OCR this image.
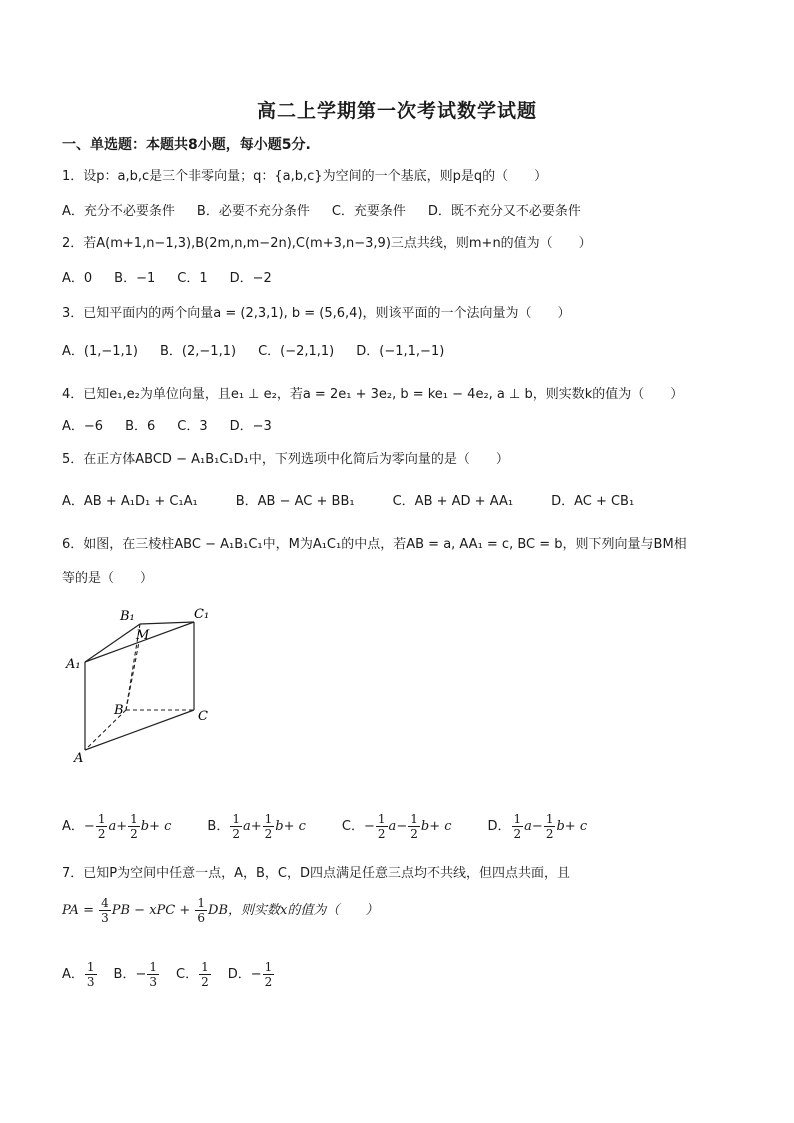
高二上学期第一次考试数学试题
一、单选题：本题共8小题，每小题5分.
1．设p：a,b,c是三个非零向量；q：{a,b,c}为空间的一个基底，则p是q的（　　）
A．充分不必要条件 B．必要不充分条件 C．充要条件 D．既不充分又不必要条件
2．若A(m+1,n−1,3),B(2m,n,m−2n),C(m+3,n−3,9)三点共线，则m+n的值为（　　）
A．0 B．−1 C．1 D．−2
3．已知平面内的两个向量a = (2,3,1), b = (5,6,4)，则该平面的一个法向量为（　　）
A．(1,−1,1) B．(2,−1,1) C．(−2,1,1) D．(−1,1,−1)
4．已知e₁,e₂为单位向量，且e₁ ⊥ e₂，若a = 2e₁ + 3e₂, b = ke₁ − 4e₂, a ⊥ b，则实数k的值为（　　）
A．−6 B．6 C．3 D．−3
5．在正方体ABCD − A₁B₁C₁D₁中，下列选项中化简后为零向量的是（　　）
A．AB + A₁D₁ + C₁A₁	B．AB − AC + BB₁	C．AB + AD + AA₁	D．AC + CB₁
6．如图，在三棱柱ABC − A₁B₁C₁中，M为A₁C₁的中点，若AB = a, AA₁ = c, BC = b，则下列向量与BM相
等的是（　　）
B₁	C₁
M
A₁
B	C
A
A．− $\frac{1}{2} a+ \frac{1}{2} b+ c$	B． $\frac{1}{2} a+ \frac{1}{2} b+ c$	C．− $\frac{1}{2} a- \frac{1}{2} b+ c$	D． $\frac{1}{2} a- \frac{1}{2} b+ c$
7．已知P为空间中任意一点，A，B，C，D四点满足任意三点均不共线，但四点共面，且
PA = $\frac{4}{3}$ PB − xPC + $\frac{1}{6}$ DB，则实数x的值为（　　）
A． $\frac{1}{3}$ B．− $\frac{1}{3}$ C． $\frac{1}{2}$ D．− $\frac{1}{2}$
